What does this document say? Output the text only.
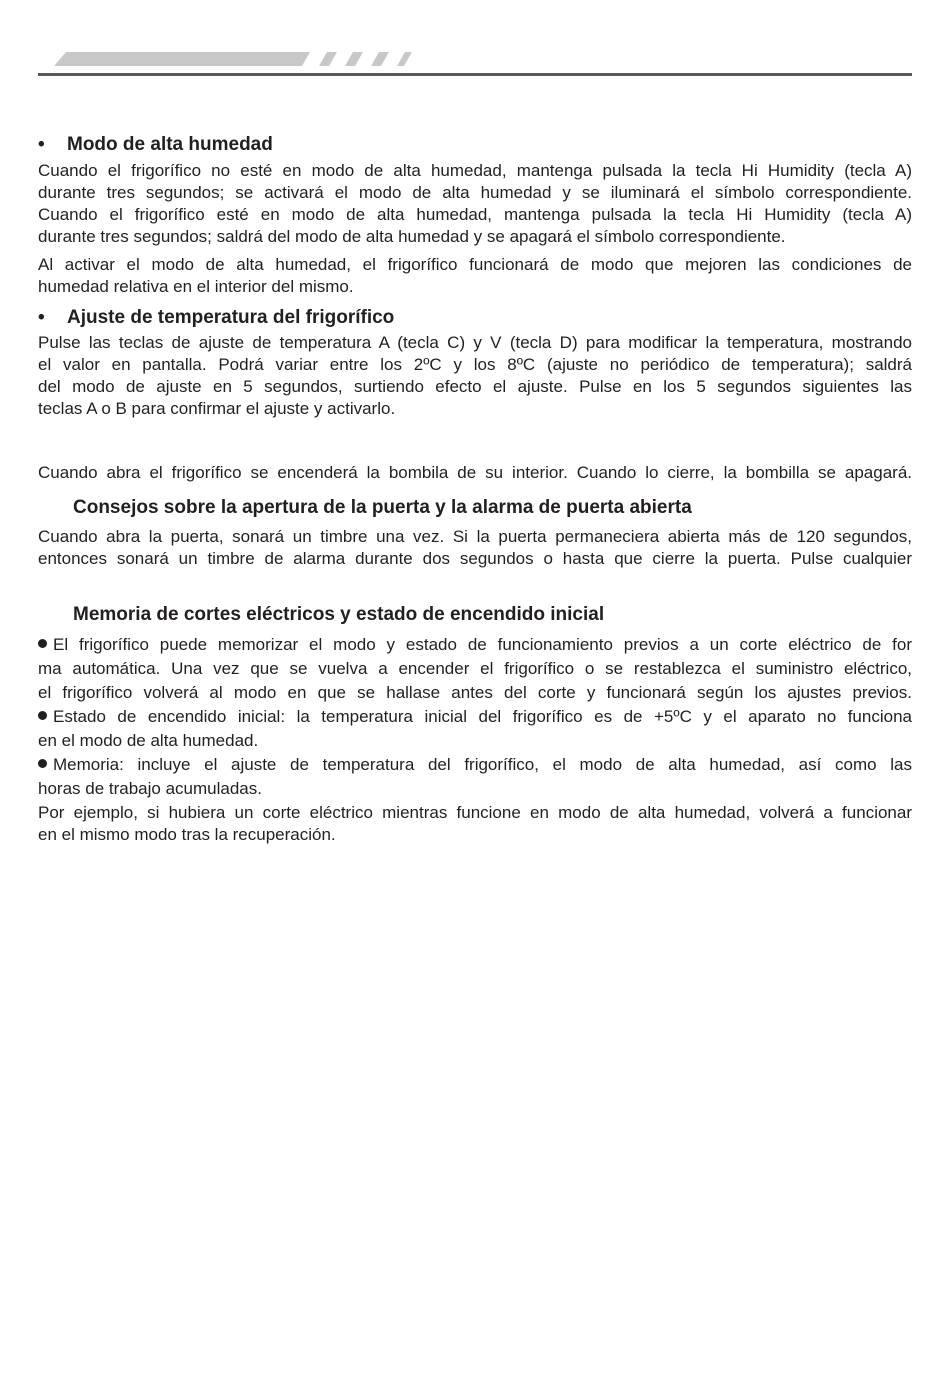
• Modo de alta humedad

Cuando el frigorífico no esté en modo de alta humedad, mantenga pulsada la tecla Hi Humidity (tecla A)
durante tres segundos; se activará el modo de alta humedad y se iluminará el símbolo correspondiente.
Cuando el frigorífico esté en modo de alta humedad, mantenga pulsada la tecla Hi Humidity (tecla A)
durante tres segundos; saldrá del modo de alta humedad y se apagará el símbolo correspondiente.

Al activar el modo de alta humedad, el frigorífico funcionará de modo que mejoren las condiciones de
humedad relativa en el interior del mismo.

• Ajuste de temperatura del frigorífico

Pulse las teclas de ajuste de temperatura A (tecla C) y V (tecla D) para modificar la temperatura, mostrando
el valor en pantalla. Podrá variar entre los 2ºC y los 8ºC (ajuste no periódico de temperatura); saldrá
del modo de ajuste en 5 segundos, surtiendo efecto el ajuste. Pulse en los 5 segundos siguientes las
teclas A o B para confirmar el ajuste y activarlo.

Cuando abra el frigorífico se encenderá la bombila de su interior. Cuando lo cierre, la bombilla se apagará.

Consejos sobre la apertura de la puerta y la alarma de puerta abierta

Cuando abra la puerta, sonará un timbre una vez. Si la puerta permaneciera abierta más de 120 segundos,
entonces sonará un timbre de alarma durante dos segundos o hasta que cierre la puerta. Pulse cualquier

Memoria de cortes eléctricos y estado de encendido inicial

El frigorífico puede memorizar el modo y estado de funcionamiento previos a un corte eléctrico de for
ma automática. Una vez que se vuelva a encender el frigorífico o se restablezca el suministro eléctrico,
el frigorífico volverá al modo en que se hallase antes del corte y funcionará según los ajustes previos.

Estado de encendido inicial: la temperatura inicial del frigorífico es de +5ºC y el aparato no funciona
en el modo de alta humedad.

Memoria: incluye el ajuste de temperatura del frigorífico, el modo de alta humedad, así como las
horas de trabajo acumuladas.

Por ejemplo, si hubiera un corte eléctrico mientras funcione en modo de alta humedad, volverá a funcionar
en el mismo modo tras la recuperación.
